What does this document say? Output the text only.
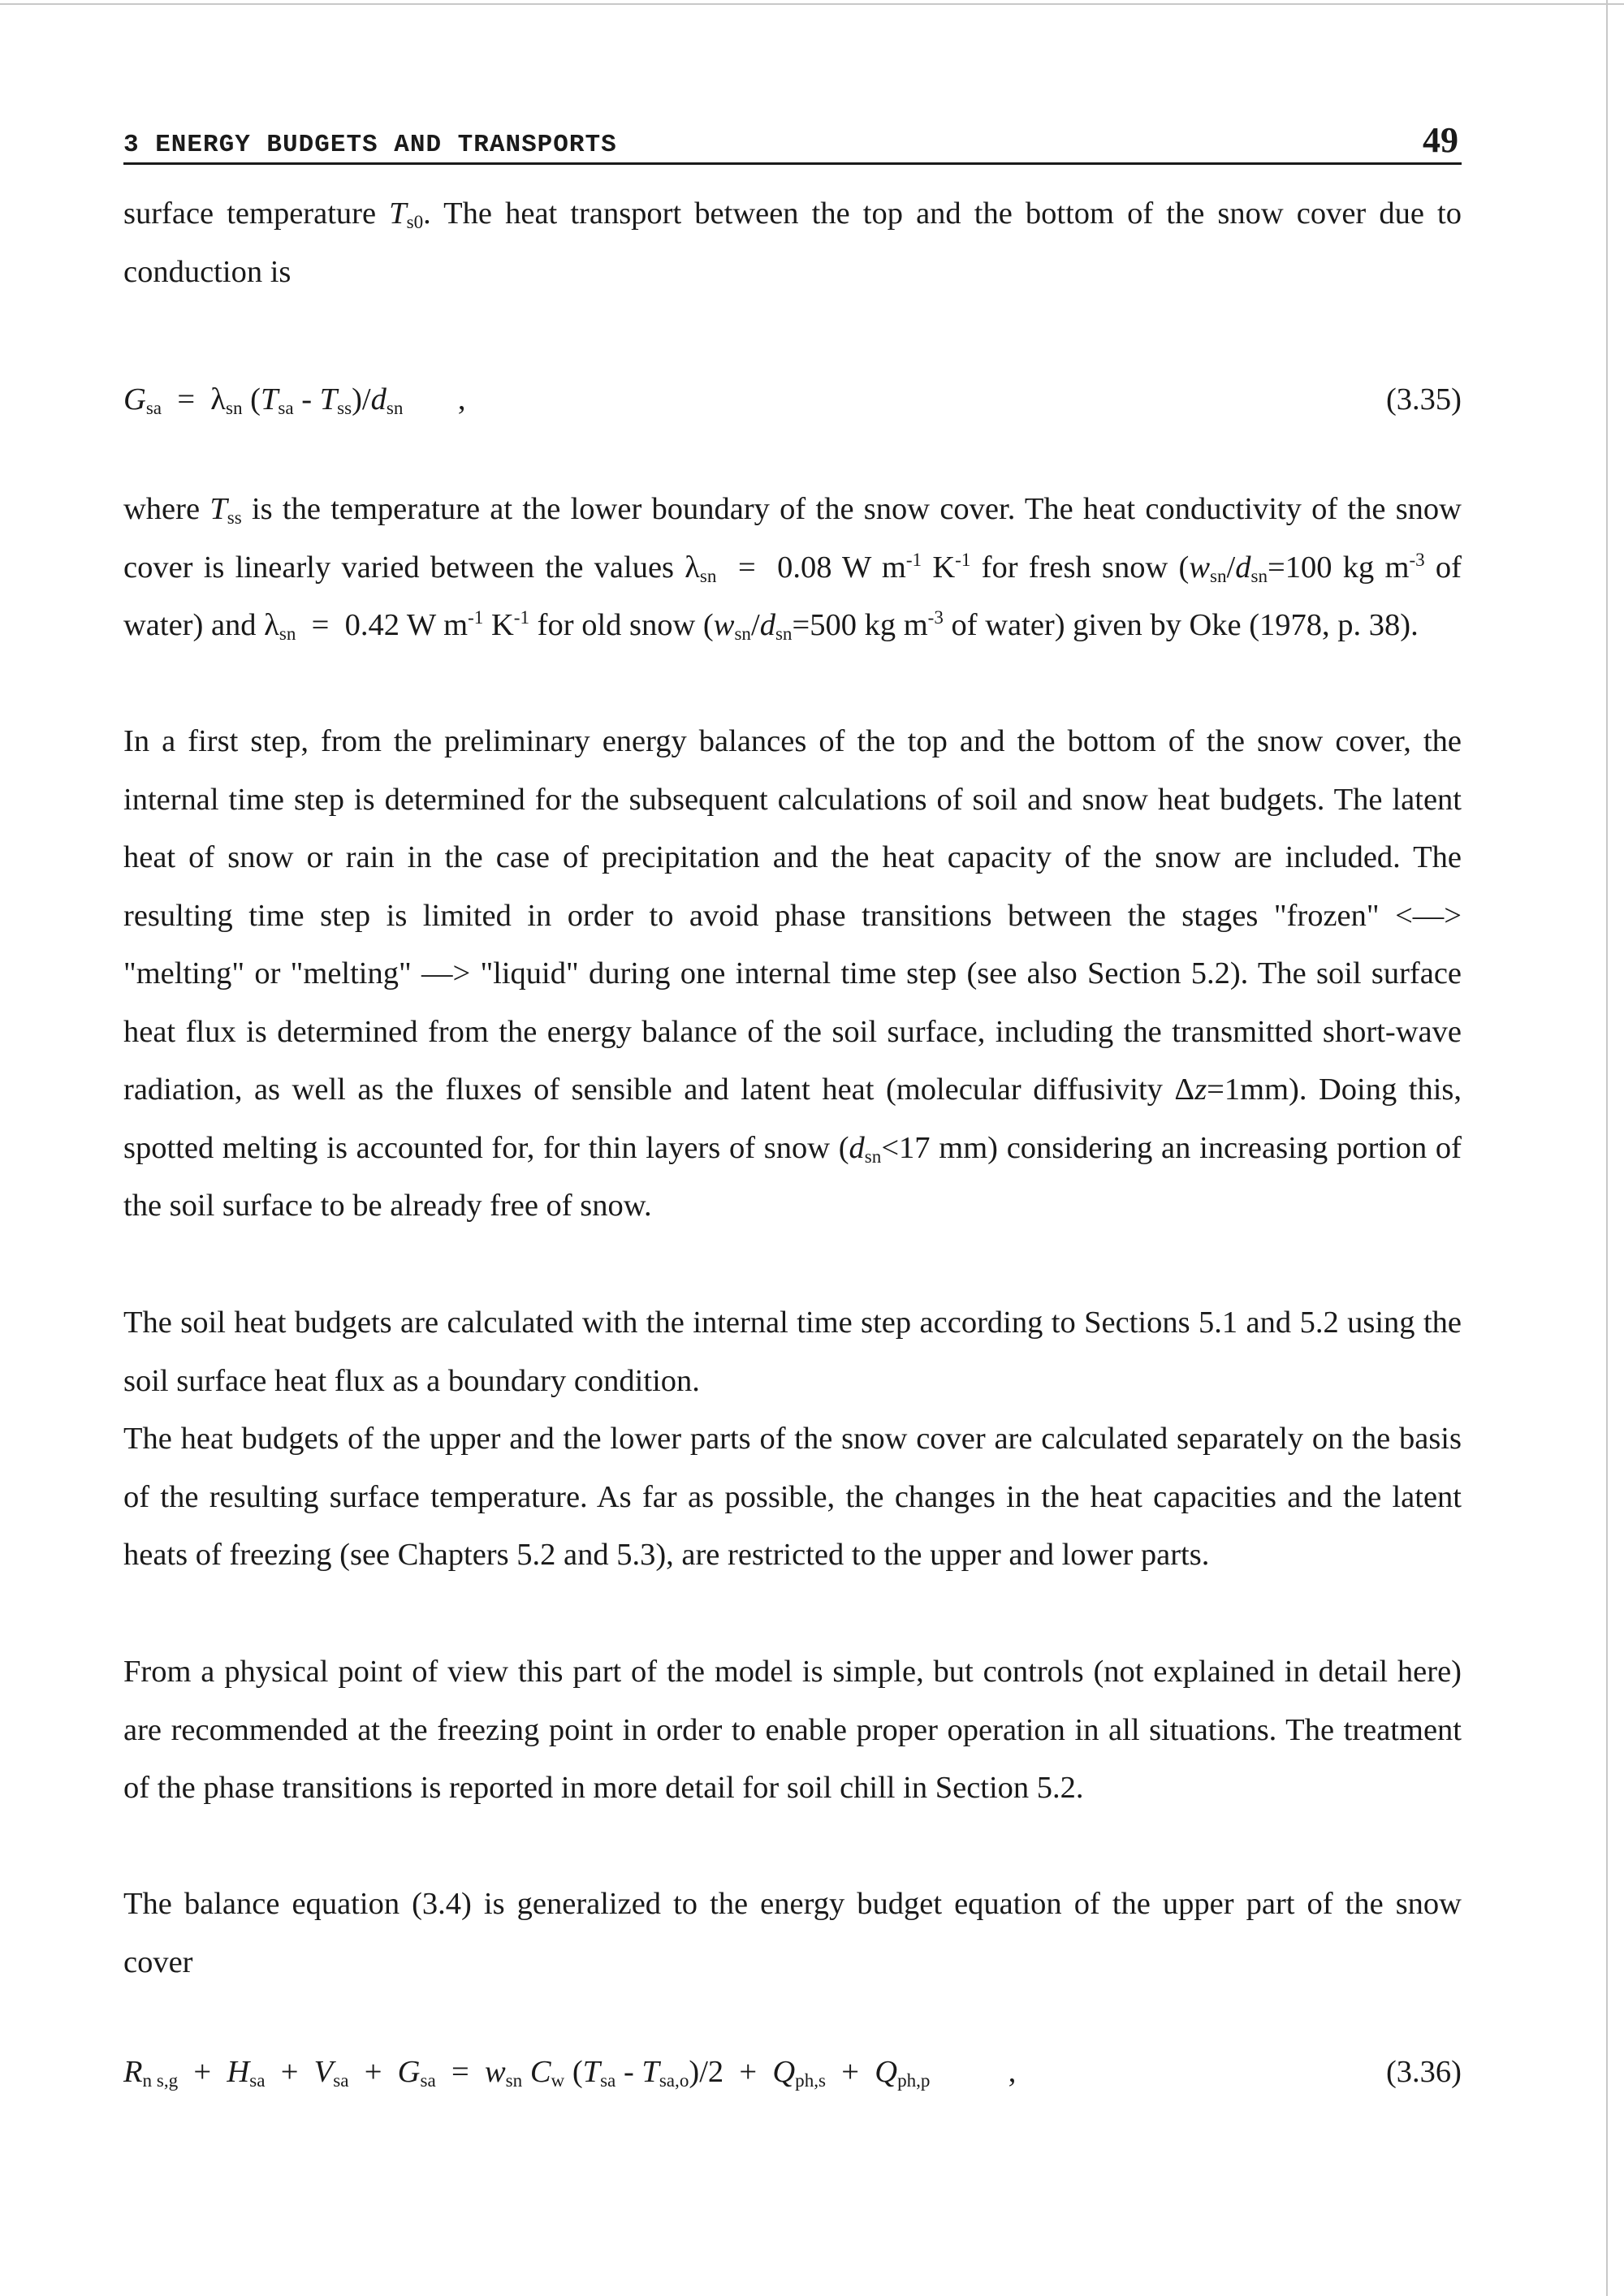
3 ENERGY BUDGETS AND TRANSPORTS	49

surface temperature $T_{s0}$. The heat transport between the top and the bottom of the snow cover due to conduction is

$G_{sa} = \lambda_{sn}$ $(T_{sa} - T_{ss})/d_{sn}$       ,	(3.35)

where $T_{ss}$ is the temperature at the lower boundary of the snow cover. The heat conductivity of the snow cover is linearly varied between the values $\lambda_{sn} = 0.08$ W $m^{-1}$ $K^{-1}$ for fresh snow ($w_{sn}/d_{sn}=100$ kg $m^{-3}$ of water) and $\lambda_{sn} = 0.42$ W $m^{-1}$ $K^{-1}$ for old snow ($w_{sn}/d_{sn}=500$ kg $m^{-3}$ of water) given by Oke (1978, p. 38).

In a first step, from the preliminary energy balances of the top and the bottom of the snow cover, the internal time step is determined for the subsequent calculations of soil and snow heat budgets. The latent heat of snow or rain in the case of precipitation and the heat capacity of the snow are included. The resulting time step is limited in order to avoid phase transitions between the stages "frozen" <—> "melting" or "melting" —> "liquid" during one internal time step (see also Section 5.2). The soil surface heat flux is determined from the energy balance of the soil surface, including the transmitted short-wave radiation, as well as the fluxes of sensible and latent heat (molecular diffusivity Δz=1mm). Doing this, spotted melting is accounted for, for thin layers of snow ($d_{sn}<17$ mm) considering an increasing portion of the soil surface to be already free of snow.

The soil heat budgets are calculated with the internal time step according to Sections 5.1 and 5.2 using the soil surface heat flux as a boundary condition.

The heat budgets of the upper and the lower parts of the snow cover are calculated separately on the basis of the resulting surface temperature. As far as possible, the changes in the heat capacities and the latent heats of freezing (see Chapters 5.2 and 5.3), are restricted to the upper and lower parts.

From a physical point of view this part of the model is simple, but controls (not explained in detail here) are recommended at the freezing point in order to enable proper operation in all situations. The treatment of the phase transitions is reported in more detail for soil chill in Section 5.2.

The balance equation (3.4) is generalized to the energy budget equation of the upper part of the snow cover

$R_{n s,g} + H_{sa} + V_{sa} + G_{sa} = w_{sn}$ $C_w$ $(T_{sa} - T_{sa,o})/2 + Q_{ph,s} + Q_{ph,p}$          ,	(3.36)
